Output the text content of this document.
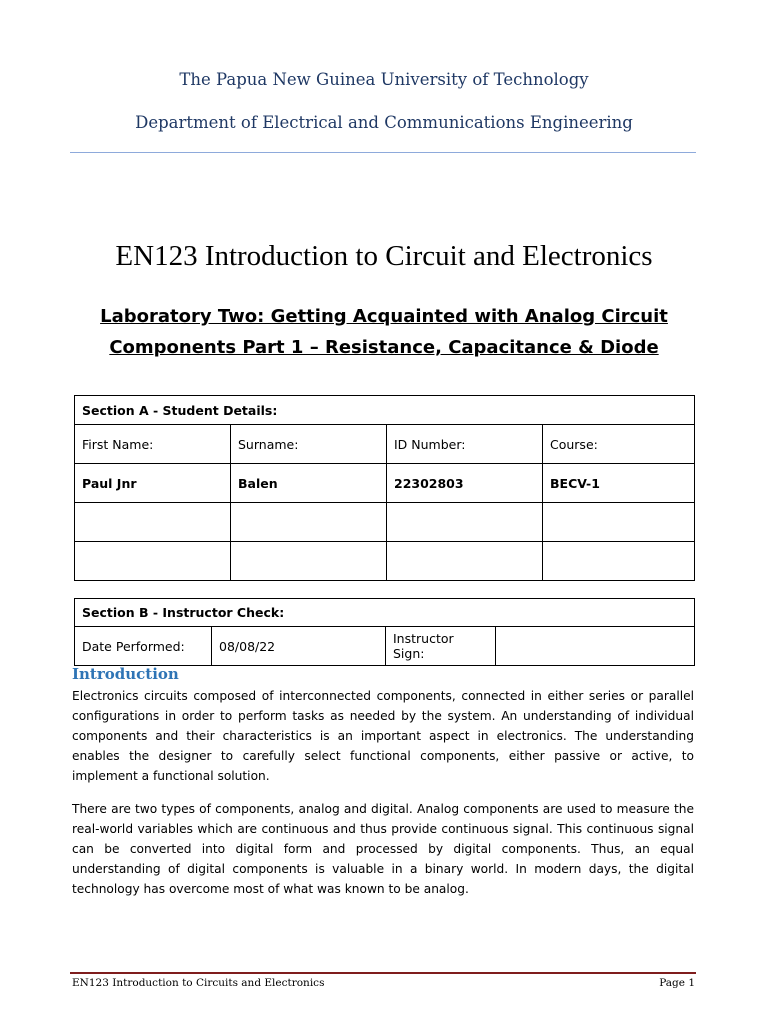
The Papua New Guinea University of Technology
Department of Electrical and Communications Engineering
EN123 Introduction to Circuit and Electronics
Laboratory Two: Getting Acquainted with Analog Circuit
Components Part 1 – Resistance, Capacitance & Diode
Section A - Student Details:			
First Name:	Surname:	ID Number:	Course:
Paul Jnr	Balen	22302803	BECV-1

Section B - Instructor Check:
Date Performed:	08/08/22	Instructor Sign:	
Introduction
Electronics circuits composed of interconnected components, connected in either series or parallel configurations in order to perform tasks as needed by the system. An understanding of individual components and their characteristics is an important aspect in electronics. The understanding enables the designer to carefully select functional components, either passive or active, to implement a functional solution.
There are two types of components, analog and digital. Analog components are used to measure the real-world variables which are continuous and thus provide continuous signal. This continuous signal can be converted into digital form and processed by digital components. Thus, an equal understanding of digital components is valuable in a binary world. In modern days, the digital technology has overcome most of what was known to be analog.
EN123 Introduction to Circuits and Electronics	Page 1
